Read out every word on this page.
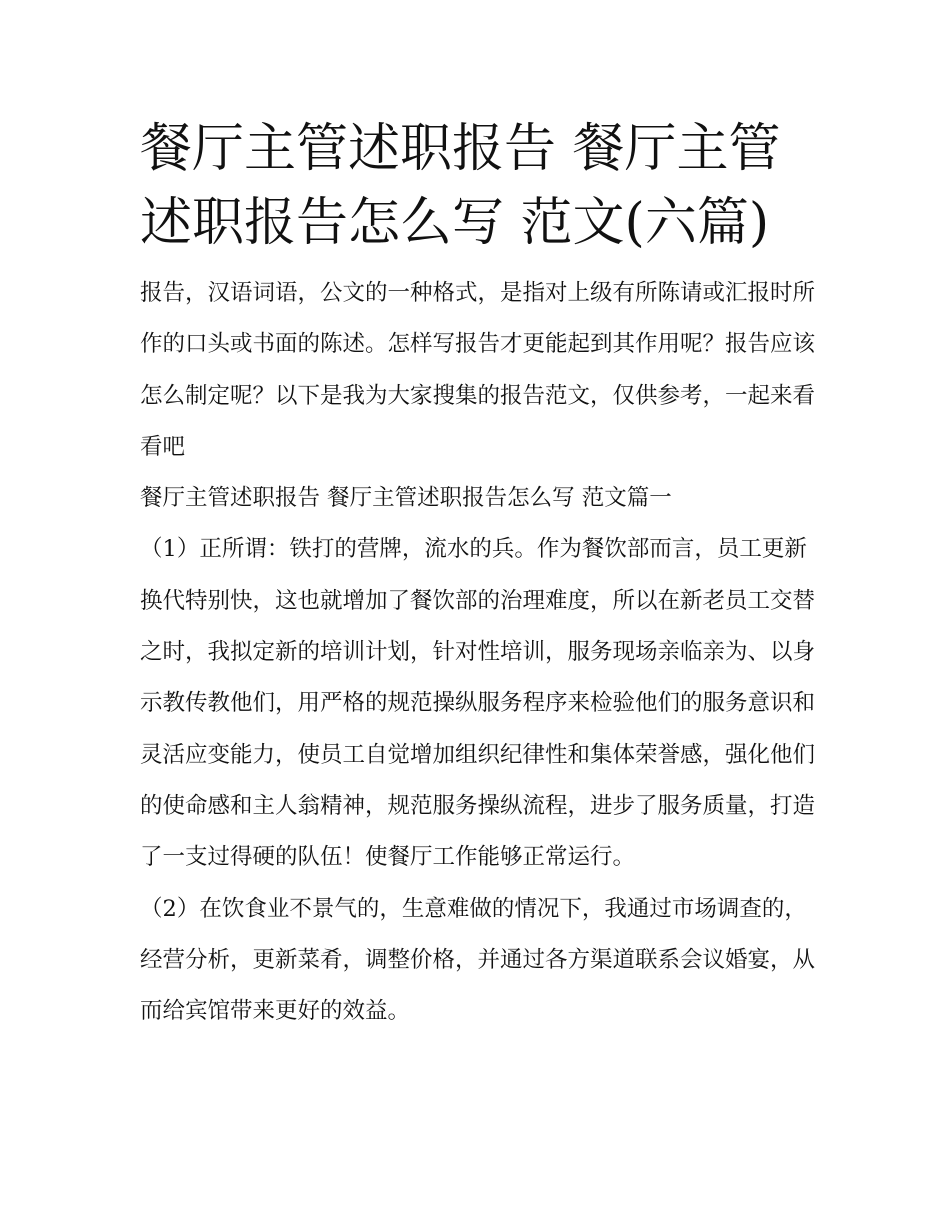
餐厅主管述职报告 餐厅主管述职报告怎么写 范文(六篇)

报告，汉语词语，公文的一种格式，是指对上级有所陈请或汇报时所作的口头或书面的陈述。怎样写报告才更能起到其作用呢？报告应该怎么制定呢？以下是我为大家搜集的报告范文，仅供参考，一起来看看吧

餐厅主管述职报告 餐厅主管述职报告怎么写 范文篇一

（1）正所谓：铁打的营牌，流水的兵。作为餐饮部而言，员工更新换代特别快，这也就增加了餐饮部的治理难度，所以在新老员工交替之时，我拟定新的培训计划，针对性培训，服务现场亲临亲为、以身示教传教他们，用严格的规范操纵服务程序来检验他们的服务意识和灵活应变能力，使员工自觉增加组织纪律性和集体荣誉感，强化他们的使命感和主人翁精神，规范服务操纵流程，进步了服务质量，打造了一支过得硬的队伍！使餐厅工作能够正常运行。

（2）在饮食业不景气的，生意难做的情况下，我通过市场调查的，经营分析，更新菜肴，调整价格，并通过各方渠道联系会议婚宴，从而给宾馆带来更好的效益。
